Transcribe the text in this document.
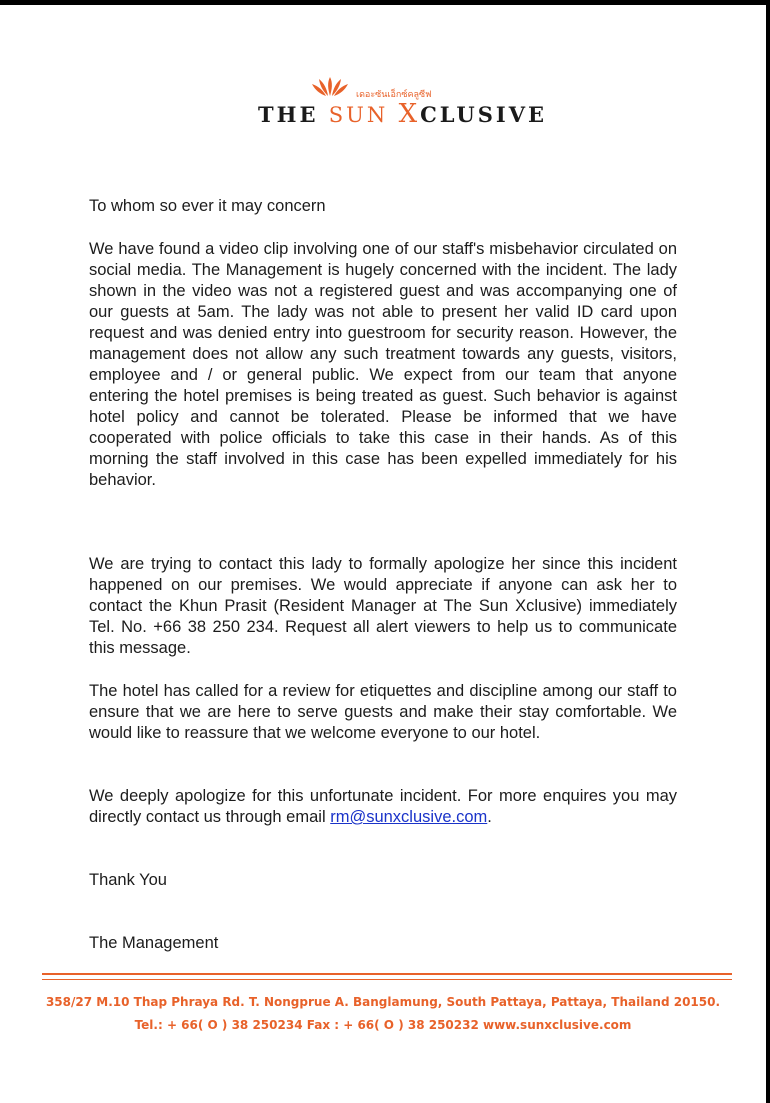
เดอะซันเอ็กซ์คลูซีฟ
THE SUN XCLUSIVE
To whom so ever it may concern
We have found a video clip involving one of our staff's misbehavior circulated on social media. The Management is hugely concerned with the incident. The lady shown in the video was not a registered guest and was accompanying one of our guests at 5am. The lady was not able to present her valid ID card upon request and was denied entry into guestroom for security reason. However, the management does not allow any such treatment towards any guests, visitors, employee and / or general public. We expect from our team that anyone entering the hotel premises is being treated as guest. Such behavior is against hotel policy and cannot be tolerated. Please be informed that we have cooperated with police officials to take this case in their hands. As of this morning the staff involved in this case has been expelled immediately for his behavior.
We are trying to contact this lady to formally apologize her since this incident happened on our premises. We would appreciate if anyone can ask her to contact the Khun Prasit (Resident Manager at The Sun Xclusive) immediately Tel. No. +66 38 250 234. Request all alert viewers to help us to communicate this message.
The hotel has called for a review for etiquettes and discipline among our staff to ensure that we are here to serve guests and make their stay comfortable. We would like to reassure that we welcome everyone to our hotel.
We deeply apologize for this unfortunate incident. For more enquires you may directly contact us through email rm@sunxclusive.com.
Thank You
The Management
358/27 M.10 Thap Phraya Rd. T. Nongprue A. Banglamung, South Pattaya, Pattaya, Thailand 20150.
Tel.: + 66( O ) 38 250234 Fax : + 66( O ) 38 250232 www.sunxclusive.com
